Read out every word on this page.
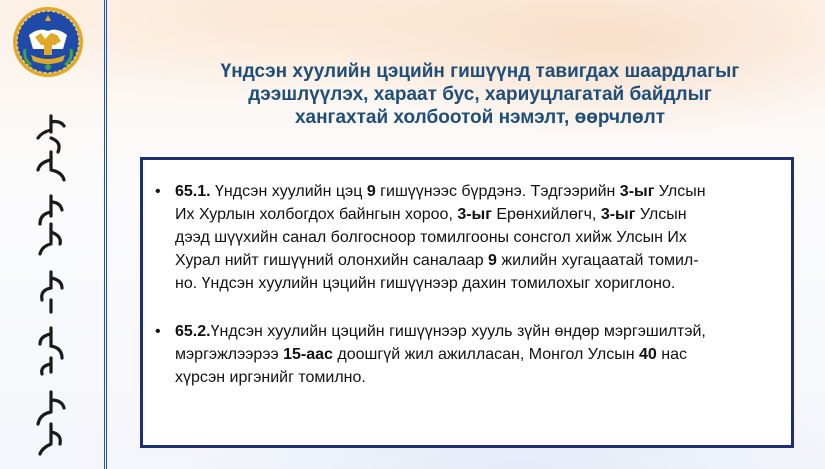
Үндсэн хуулийн цэцийн гишүүнд тавигдах шаардлагыг
дээшлүүлэх, хараат бус, хариуцлагатай байдлыг
хангахтай холбоотой нэмэлт, өөрчлөлт
• 65.1. Үндсэн хуулийн цэц 9 гишүүнээс бүрдэнэ. Тэдгээрийн 3-ыг Улсын
Их Хурлын холбогдох байнгын хороо, 3-ыг Ерөнхийлөгч, 3-ыг Улсын
дээд шүүхийн санал болгосноор томилгооны сонсгол хийж Улсын Их
Хурал нийт гишүүний олонхийн саналаар 9 жилийн хугацаатай томил-
но. Үндсэн хуулийн цэцийн гишүүнээр дахин томилохыг хориглоно.
• 65.2.Үндсэн хуулийн цэцийн гишүүнээр хууль зүйн өндөр мэргэшилтэй,
мэргэжлээрээ 15-аас доошгүй жил ажилласан, Монгол Улсын 40 нас
хүрсэн иргэнийг томилно.
